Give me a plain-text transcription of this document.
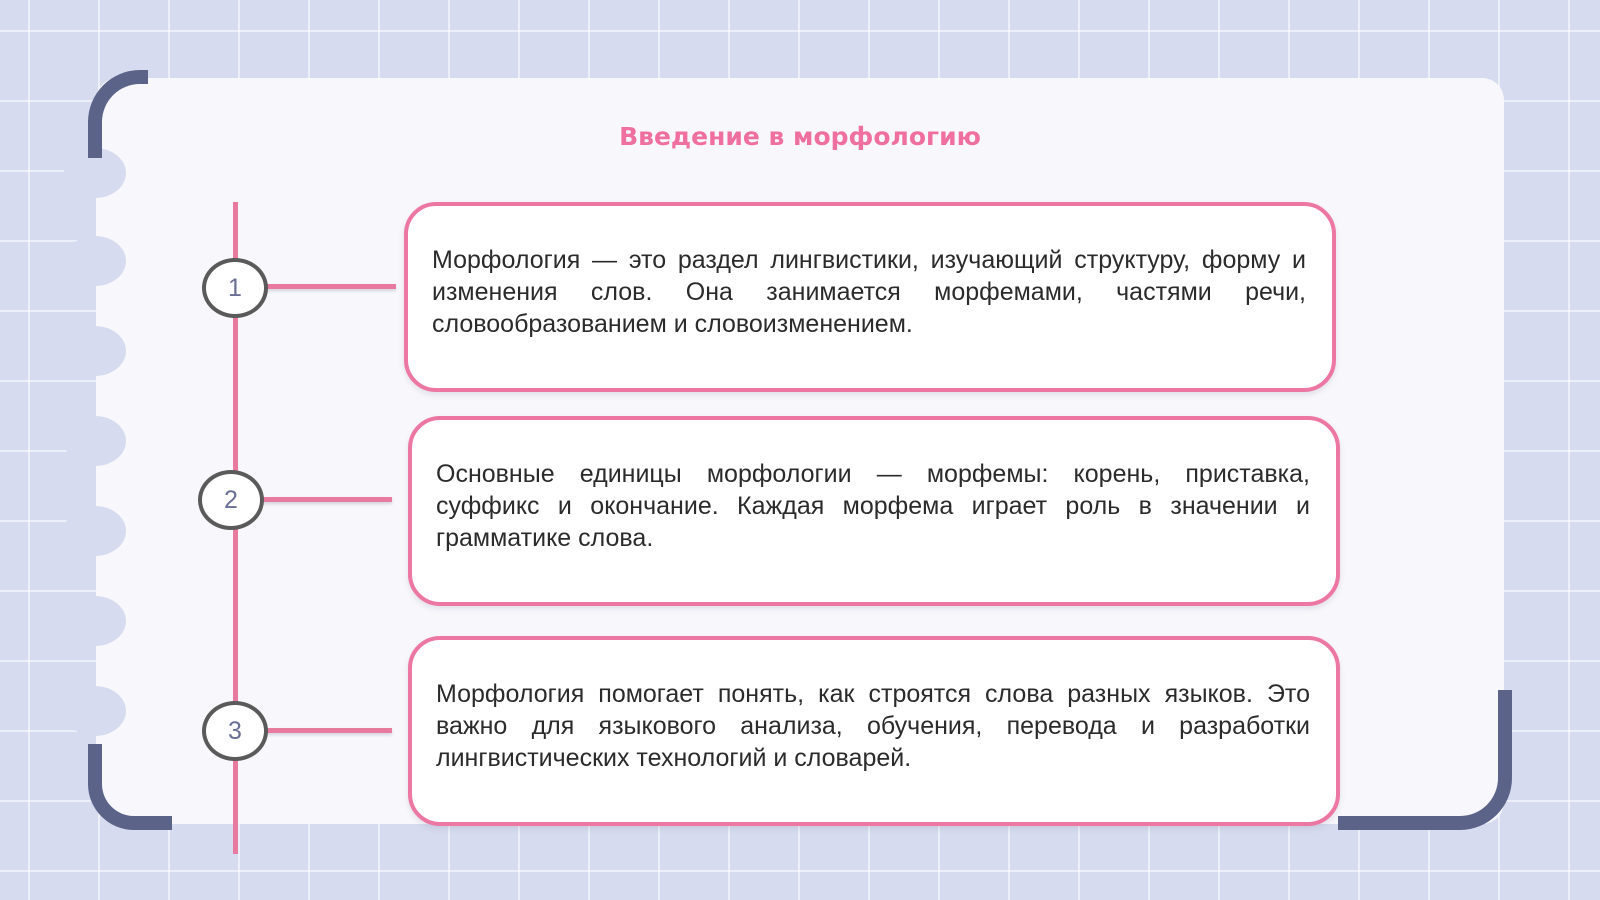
Введение в морфологию
1
2
3

Морфология — это раздел лингвистики, изучающий структуру, форму и изменения слов. Она занимается морфемами, частями речи, словообразованием и словоизменением.

Основные единицы морфологии — морфемы: корень, приставка, суффикс и окончание. Каждая морфема играет роль в значении и грамматике слова.

Морфология помогает понять, как строятся слова разных языков. Это важно для языкового анализа, обучения, перевода и разработки лингвистических технологий и словарей.
